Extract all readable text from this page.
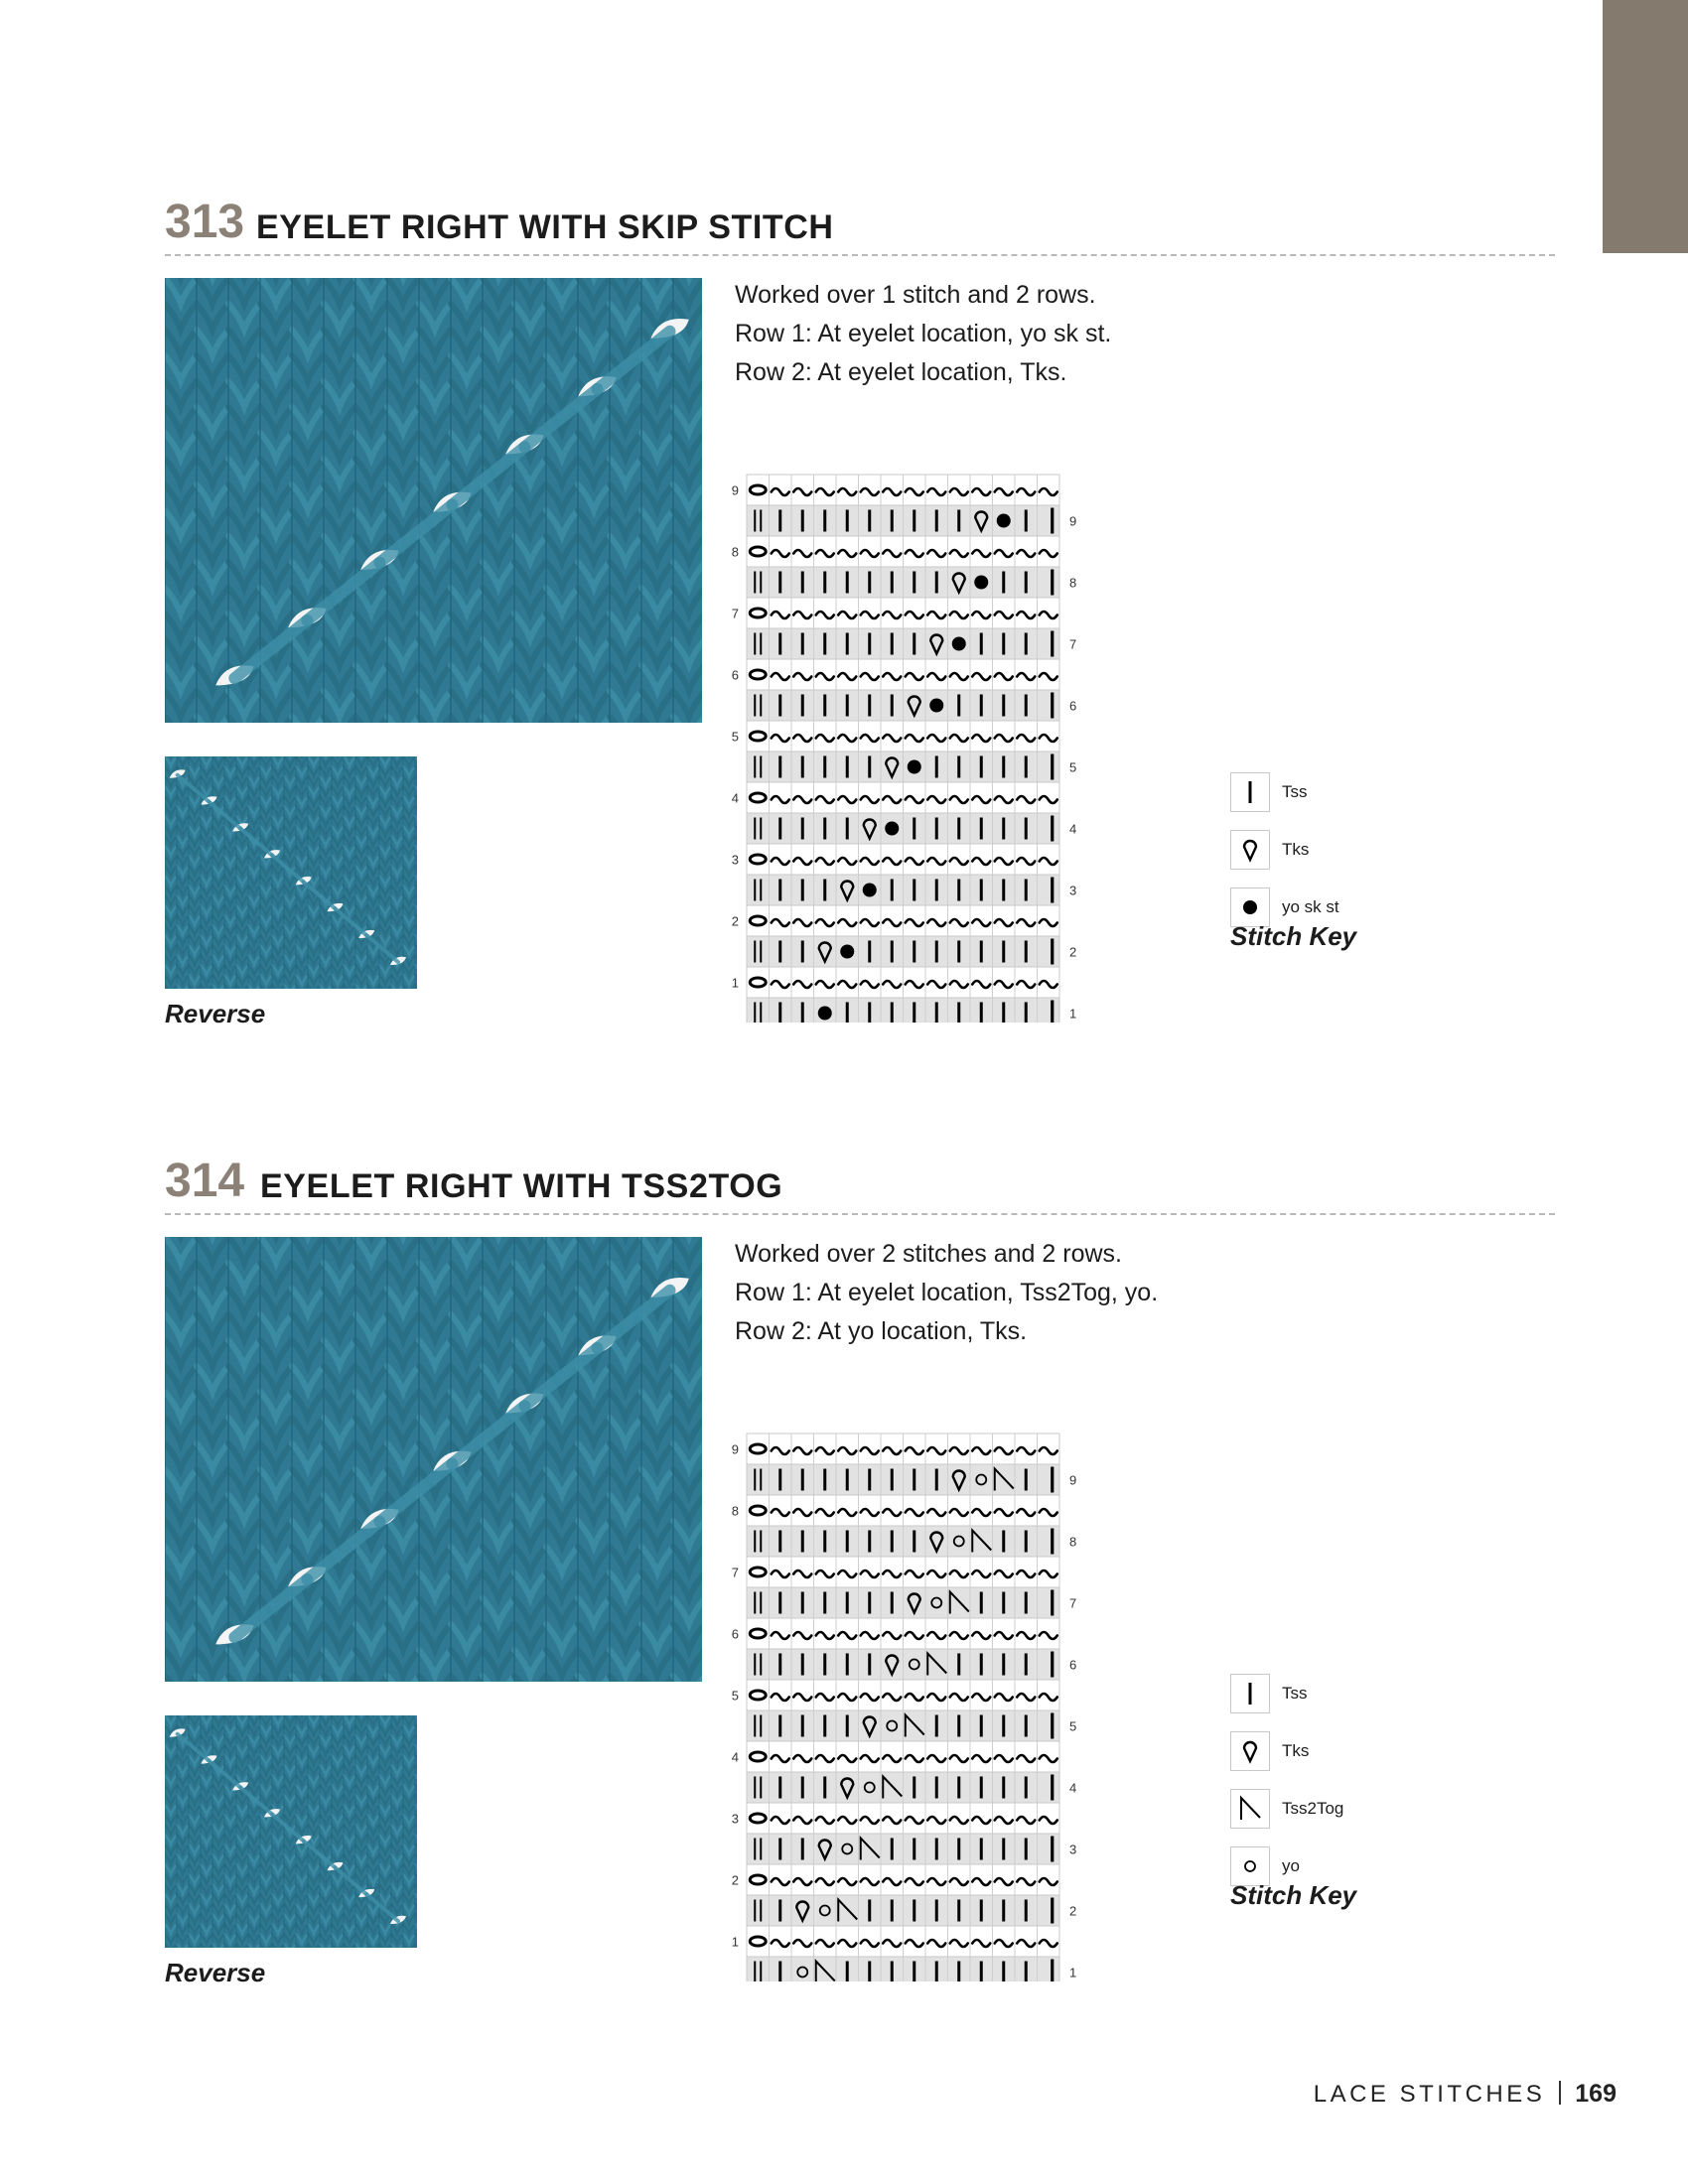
313 EYELET RIGHT WITH SKIP STITCH
Reverse
Worked over 1 stitch and 2 rows.
Row 1: At eyelet location, yo sk st.
Row 2: At eyelet location, Tks.
9
9
8
8
7
7
6
6
5
5
4
4
3
3
2
2
1
1
Tss
Tks
yo sk st
Stitch Key
314 EYELET RIGHT WITH TSS2TOG
Reverse
Worked over 2 stitches and 2 rows.
Row 1: At eyelet location, Tss2Tog, yo.
Row 2: At yo location, Tks.
9
9
8
8
7
7
6
6
5
5
4
4
3
3
2
2
1
1
Tss
Tks
Tss2Tog
yo
Stitch Key
LACE STITCHES 169
